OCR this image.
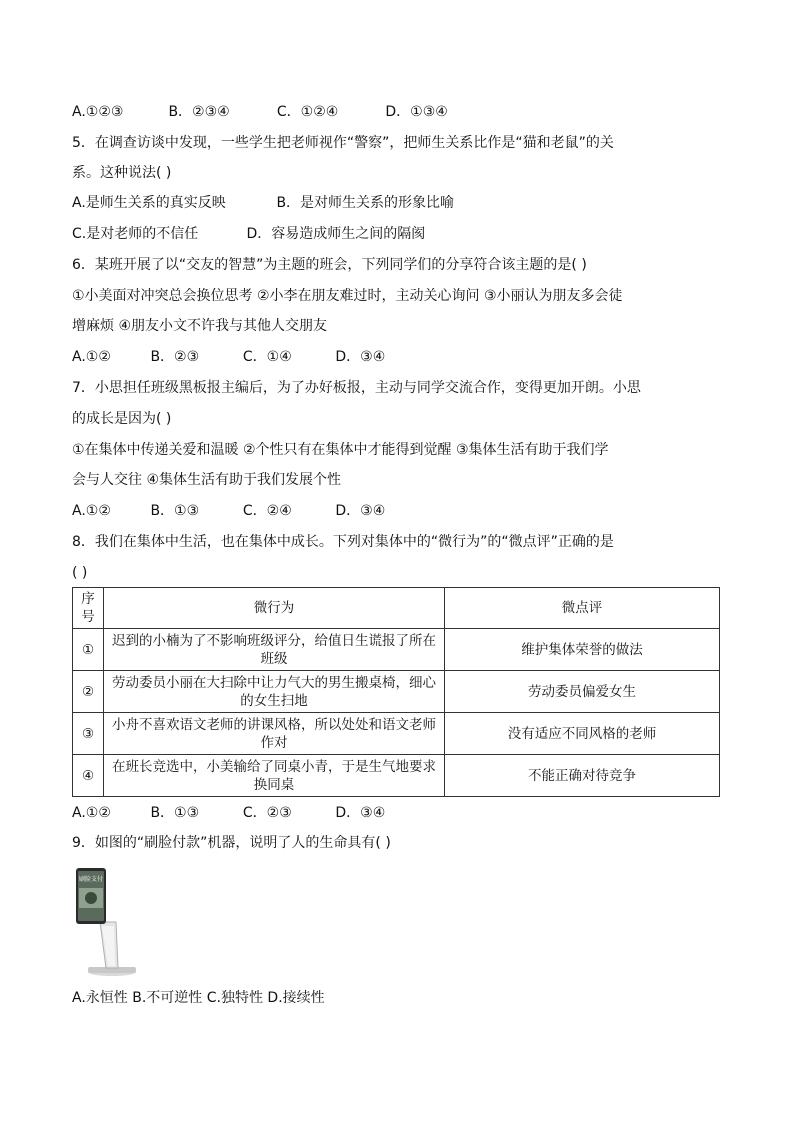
A.①②③	B．②③④	C．①②④	D．①③④
5．在调查访谈中发现，一些学生把老师视作“警察”，把师生关系比作是“猫和老鼠”的关
系。这种说法( )
A.是师生关系的真实反映	B．是对师生关系的形象比喻
C.是对老师的不信任	D．容易造成师生之间的隔阂
6．某班开展了以“交友的智慧”为主题的班会，下列同学们的分享符合该主题的是( )
①小美面对冲突总会换位思考 ②小李在朋友难过时，主动关心询问 ③小丽认为朋友多会徒
增麻烦 ④朋友小文不许我与其他人交朋友
A.①②	B．②③	C．①④	D．③④
7．小思担任班级黑板报主编后，为了办好板报，主动与同学交流合作，变得更加开朗。小思
的成长是因为( )
①在集体中传递关爱和温暖 ②个性只有在集体中才能得到觉醒 ③集体生活有助于我们学
会与人交往 ④集体生活有助于我们发展个性
A.①②	B．①③	C．②④	D．③④
8．我们在集体中生活，也在集体中成长。下列对集体中的“微行为”的“微点评”正确的是
( )
序号	微行为	微点评
①	迟到的小楠为了不影响班级评分，给值日生谎报了所在班级	维护集体荣誉的做法
②	劳动委员小丽在大扫除中让力气大的男生搬桌椅，细心的女生扫地	劳动委员偏爱女生
③	小舟不喜欢语文老师的讲课风格，所以处处和语文老师作对	没有适应不同风格的老师
④	在班长竞选中，小美输给了同桌小青，于是生气地要求换同桌	不能正确对待竞争
A.①②	B．①③	C．②③	D．③④
9．如图的“刷脸付款”机器，说明了人的生命具有( )
刷脸支付
A.永恒性 B.不可逆性 C.独特性 D.接续性
